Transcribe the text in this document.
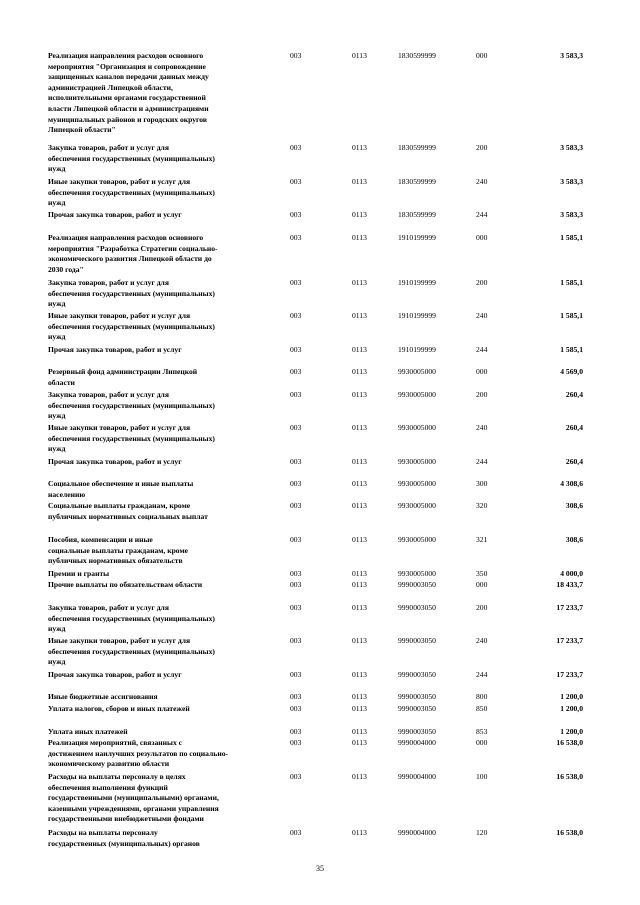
Реализация направления расходов основного
мероприятия "Организация и сопровождение
защищенных каналов передачи данных между
администрацией Липецкой области,
исполнительными органами государственной
власти Липецкой области и администрациями
муниципальных районов и городских округов
Липецкой области"
003	0113	1830599999	000	3 583,3
Закупка товаров, работ и услуг для
обеспечения государственных (муниципальных)
нужд
003	0113	1830599999	200	3 583,3
Иные закупки товаров, работ и услуг для
обеспечения государственных (муниципальных)
нужд
003	0113	1830599999	240	3 583,3
Прочая закупка товаров, работ и услуг	003	0113	1830599999	244	3 583,3
Реализация направления расходов основного
мероприятия "Разработка Стратегии социально-
экономического развития Липецкой области до
2030 года"
003	0113	1910199999	000	1 585,1
Закупка товаров, работ и услуг для
обеспечения государственных (муниципальных)
нужд
003	0113	1910199999	200	1 585,1
Иные закупки товаров, работ и услуг для
обеспечения государственных (муниципальных)
нужд
003	0113	1910199999	240	1 585,1
Прочая закупка товаров, работ и услуг	003	0113	1910199999	244	1 585,1
Резервный фонд администрации Липецкой
области
003	0113	9930005000	000	4 569,0
Закупка товаров, работ и услуг для
обеспечения государственных (муниципальных)
нужд
003	0113	9930005000	200	260,4
Иные закупки товаров, работ и услуг для
обеспечения государственных (муниципальных)
нужд
003	0113	9930005000	240	260,4
Прочая закупка товаров, работ и услуг	003	0113	9930005000	244	260,4
Социальное обеспечение и иные выплаты
населению
003	0113	9930005000	300	4 308,6
Социальные выплаты гражданам, кроме
публичных нормативных социальных выплат
003	0113	9930005000	320	308,6
Пособия, компенсации и иные
социальные выплаты гражданам, кроме
публичных нормативных обязательств
003	0113	9930005000	321	308,6
Премии и гранты	003	0113	9930005000	350	4 000,0
Прочие выплаты по обязательствам области	003	0113	9990003050	000	18 433,7
Закупка товаров, работ и услуг для
обеспечения государственных (муниципальных)
нужд
003	0113	9990003050	200	17 233,7
Иные закупки товаров, работ и услуг для
обеспечения государственных (муниципальных)
нужд
003	0113	9990003050	240	17 233,7
Прочая закупка товаров, работ и услуг	003	0113	9990003050	244	17 233,7
Иные бюджетные ассигнования	003	0113	9990003050	800	1 200,0
Уплата налогов, сборов и иных платежей	003	0113	9990003050	850	1 200,0
Уплата иных платежей	003	0113	9990003050	853	1 200,0
Реализация мероприятий, связанных с
достижением наилучших результатов по социально-
экономическому развитию области
003	0113	9990004000	000	16 538,0
Расходы на выплаты персоналу в целях
обеспечения выполнения функций
государственными (муниципальными) органами,
казенными учреждениями, органами управления
государственными внебюджетными фондами
003	0113	9990004000	100	16 538,0
Расходы на выплаты персоналу
государственных (муниципальных) органов
003	0113	9990004000	120	16 538,0
35
